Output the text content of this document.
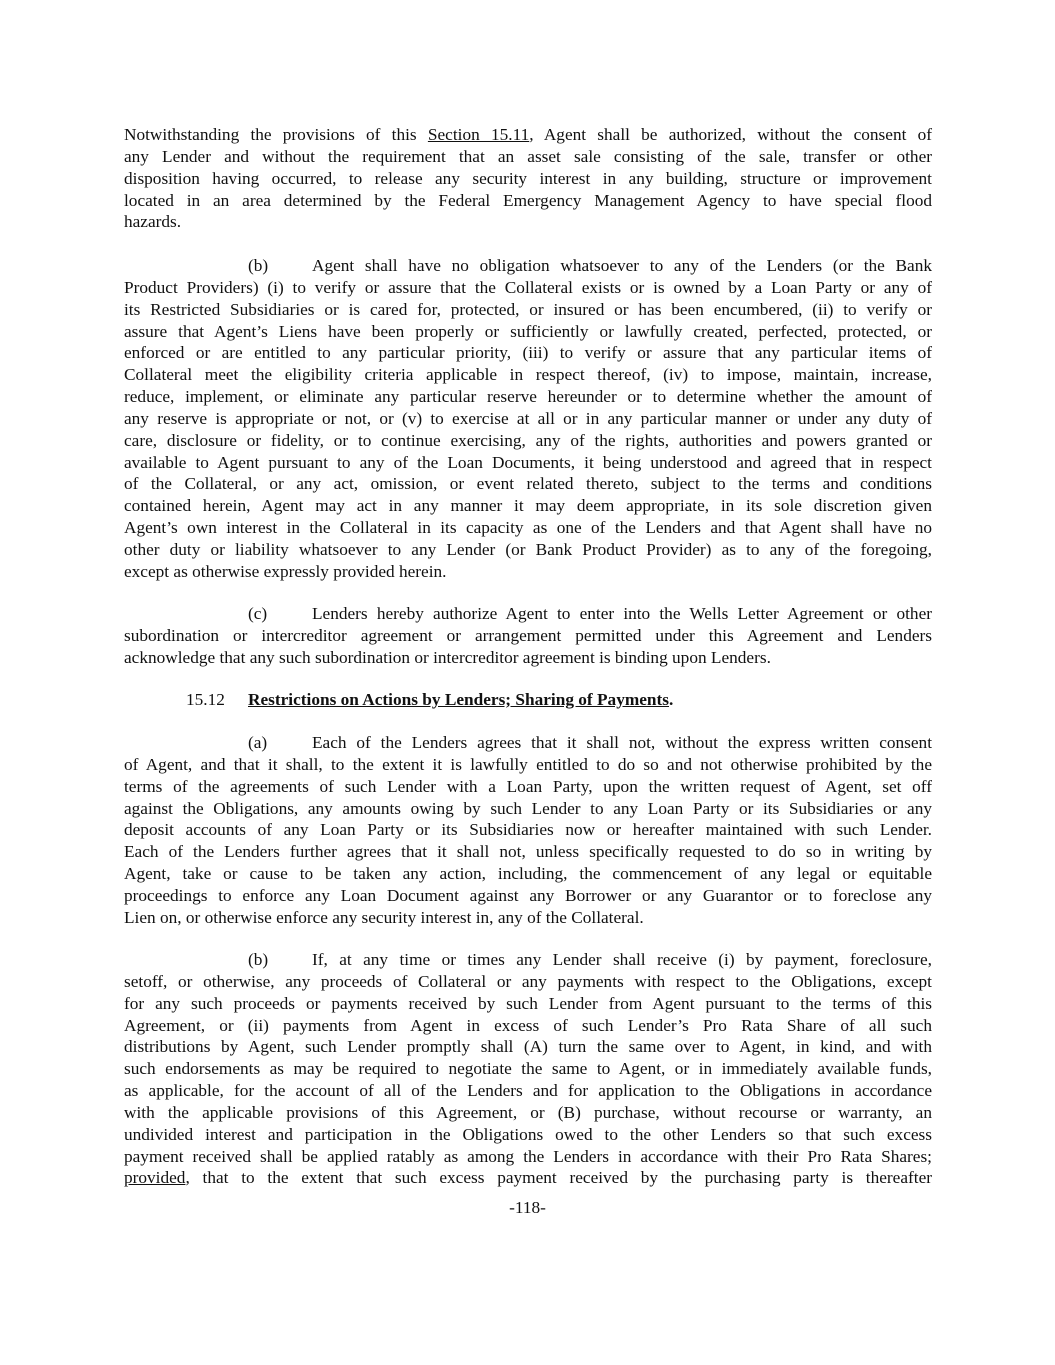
Notwithstanding the provisions of this Section 15.11, Agent shall be authorized, without the consent of
any Lender and without the requirement that an asset sale consisting of the sale, transfer or other
disposition having occurred, to release any security interest in any building, structure or improvement
located in an area determined by the Federal Emergency Management Agency to have special flood
hazards.
(b)	Agent shall have no obligation whatsoever to any of the Lenders (or the Bank
Product Providers) (i) to verify or assure that the Collateral exists or is owned by a Loan Party or any of
its Restricted Subsidiaries or is cared for, protected, or insured or has been encumbered, (ii) to verify or
assure that Agent’s Liens have been properly or sufficiently or lawfully created, perfected, protected, or
enforced or are entitled to any particular priority, (iii) to verify or assure that any particular items of
Collateral meet the eligibility criteria applicable in respect thereof, (iv) to impose, maintain, increase,
reduce, implement, or eliminate any particular reserve hereunder or to determine whether the amount of
any reserve is appropriate or not, or (v) to exercise at all or in any particular manner or under any duty of
care, disclosure or fidelity, or to continue exercising, any of the rights, authorities and powers granted or
available to Agent pursuant to any of the Loan Documents, it being understood and agreed that in respect
of the Collateral, or any act, omission, or event related thereto, subject to the terms and conditions
contained herein, Agent may act in any manner it may deem appropriate, in its sole discretion given
Agent’s own interest in the Collateral in its capacity as one of the Lenders and that Agent shall have no
other duty or liability whatsoever to any Lender (or Bank Product Provider) as to any of the foregoing,
except as otherwise expressly provided herein.
(c)	Lenders hereby authorize Agent to enter into the Wells Letter Agreement or other
subordination or intercreditor agreement or arrangement permitted under this Agreement and Lenders
acknowledge that any such subordination or intercreditor agreement is binding upon Lenders.
15.12 Restrictions on Actions by Lenders; Sharing of Payments.
(a)	Each of the Lenders agrees that it shall not, without the express written consent
of Agent, and that it shall, to the extent it is lawfully entitled to do so and not otherwise prohibited by the
terms of the agreements of such Lender with a Loan Party, upon the written request of Agent, set off
against the Obligations, any amounts owing by such Lender to any Loan Party or its Subsidiaries or any
deposit accounts of any Loan Party or its Subsidiaries now or hereafter maintained with such Lender.
Each of the Lenders further agrees that it shall not, unless specifically requested to do so in writing by
Agent, take or cause to be taken any action, including, the commencement of any legal or equitable
proceedings to enforce any Loan Document against any Borrower or any Guarantor or to foreclose any
Lien on, or otherwise enforce any security interest in, any of the Collateral.
(b)	If, at any time or times any Lender shall receive (i) by payment, foreclosure,
setoff, or otherwise, any proceeds of Collateral or any payments with respect to the Obligations, except
for any such proceeds or payments received by such Lender from Agent pursuant to the terms of this
Agreement, or (ii) payments from Agent in excess of such Lender’s Pro Rata Share of all such
distributions by Agent, such Lender promptly shall (A) turn the same over to Agent, in kind, and with
such endorsements as may be required to negotiate the same to Agent, or in immediately available funds,
as applicable, for the account of all of the Lenders and for application to the Obligations in accordance
with the applicable provisions of this Agreement, or (B) purchase, without recourse or warranty, an
undivided interest and participation in the Obligations owed to the other Lenders so that such excess
payment received shall be applied ratably as among the Lenders in accordance with their Pro Rata Shares;
provided, that to the extent that such excess payment received by the purchasing party is thereafter
-118-
